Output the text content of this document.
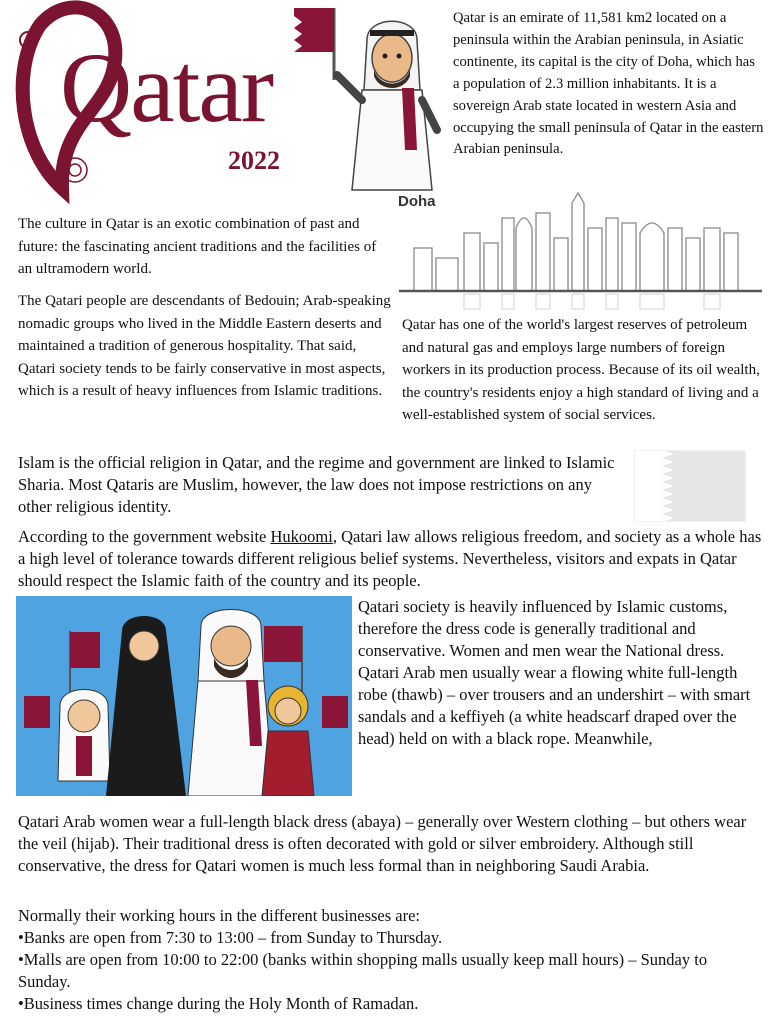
Qatar
2022
Qatar is an emirate of 11,581 km2 located on a peninsula within the Arabian peninsula, in Asiatic continente, its capital is the city of Doha, which has a population of 2.3 million inhabitants. It is a sovereign Arab state located in western Asia and occupying the small peninsula of Qatar in the eastern Arabian peninsula.
Doha
The culture in Qatar is an exotic combination of past and future: the fascinating ancient traditions and the facilities of an ultramodern world.
The Qatari people are descendants of Bedouin; Arab-speaking nomadic groups who lived in the Middle Eastern deserts and maintained a tradition of generous hospitality. That said, Qatari society tends to be fairly conservative in most aspects, which is a result of heavy influences from Islamic traditions.
Qatar has one of the world's largest reserves of petroleum and natural gas and employs large numbers of foreign workers in its production process. Because of its oil wealth, the country's residents enjoy a high standard of living and a well-established system of social services.
Islam is the official religion in Qatar, and the regime and government are linked to Islamic Sharia. Most Qataris are Muslim, however, the law does not impose restrictions on any other religious identity.
According to the government website Hukoomi, Qatari law allows religious freedom, and society as a whole has a high level of tolerance towards different religious belief systems. Nevertheless, visitors and expats in Qatar should respect the Islamic faith of the country and its people.
Qatari society is heavily influenced by Islamic customs, therefore the dress code is generally traditional and conservative. Women and men wear the National dress. Qatari Arab men usually wear a flowing white full-length robe (thawb) – over trousers and an undershirt – with smart sandals and a keffiyeh (a white headscarf draped over the head) held on with a black rope. Meanwhile,
Qatari Arab women wear a full-length black dress (abaya) – generally over Western clothing – but others wear the veil (hijab). Their traditional dress is often decorated with gold or silver embroidery. Although still conservative, the dress for Qatari women is much less formal than in neighboring Saudi Arabia.
Normally their working hours in the different businesses are:
•Banks are open from 7:30 to 13:00 – from Sunday to Thursday.
•Malls are open from 10:00 to 22:00 (banks within shopping malls usually keep mall hours) – Sunday to Sunday.
•Business times change during the Holy Month of Ramadan.
